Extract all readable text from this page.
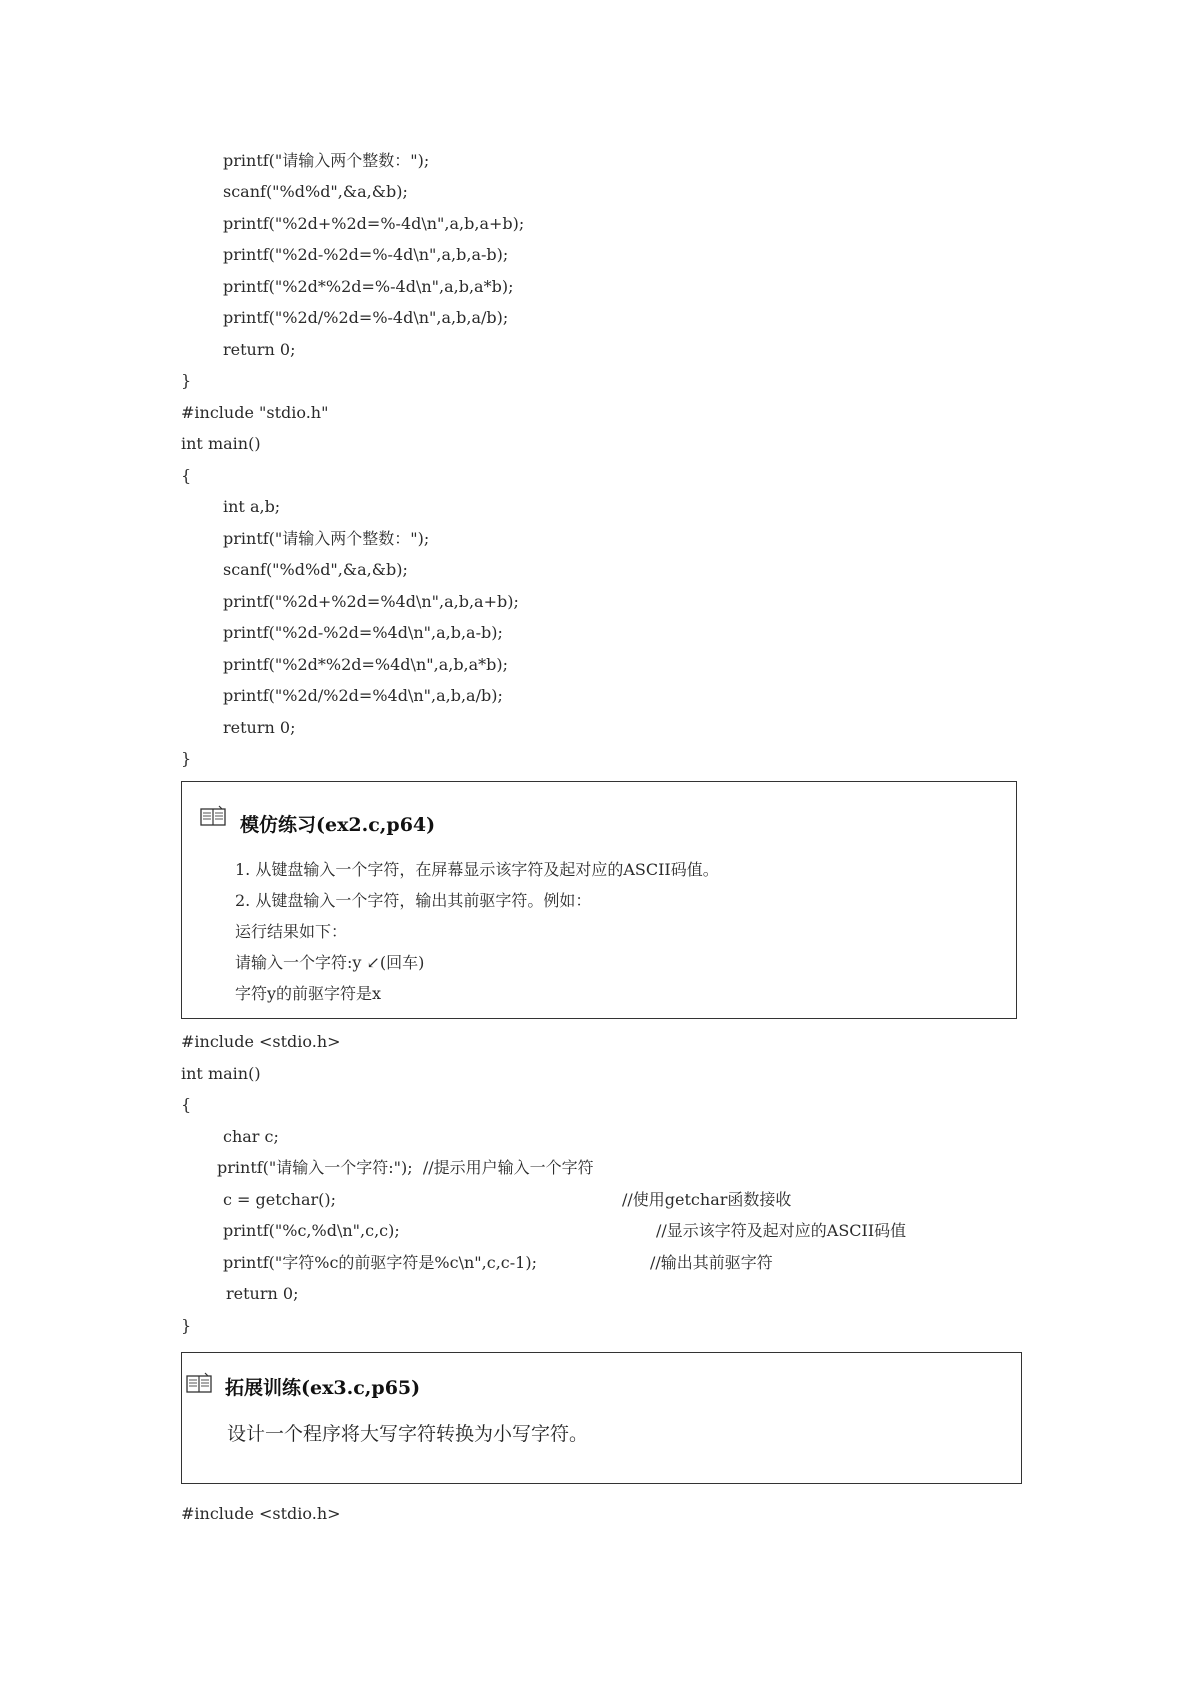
printf("请输入两个整数：");
scanf("%d%d",&a,&b);
printf("%2d+%2d=%-4d\n",a,b,a+b);
printf("%2d-%2d=%-4d\n",a,b,a-b);
printf("%2d*%2d=%-4d\n",a,b,a*b);
printf("%2d/%2d=%-4d\n",a,b,a/b);
return 0;
}
#include "stdio.h"
int main()
{
int a,b;
printf("请输入两个整数：");
scanf("%d%d",&a,&b);
printf("%2d+%2d=%4d\n",a,b,a+b);
printf("%2d-%2d=%4d\n",a,b,a-b);
printf("%2d*%2d=%4d\n",a,b,a*b);
printf("%2d/%2d=%4d\n",a,b,a/b);
return 0;
}
模仿练习(ex2.c,p64)
1. 从键盘输入一个字符，在屏幕显示该字符及起对应的ASCII码值。
2. 从键盘输入一个字符，输出其前驱字符。例如：
运行结果如下：
请输入一个字符:y ↙(回车)
字符y的前驱字符是x
#include <stdio.h>
int main()
{
char c;
printf("请输入一个字符:");  //提示用户输入一个字符
c = getchar();	//使用getchar函数接收
printf("%c,%d\n",c,c);	//显示该字符及起对应的ASCII码值
printf("字符%c的前驱字符是%c\n",c,c-1);	//输出其前驱字符
return 0;
}
拓展训练(ex3.c,p65)
设计一个程序将大写字符转换为小写字符。
#include <stdio.h>
